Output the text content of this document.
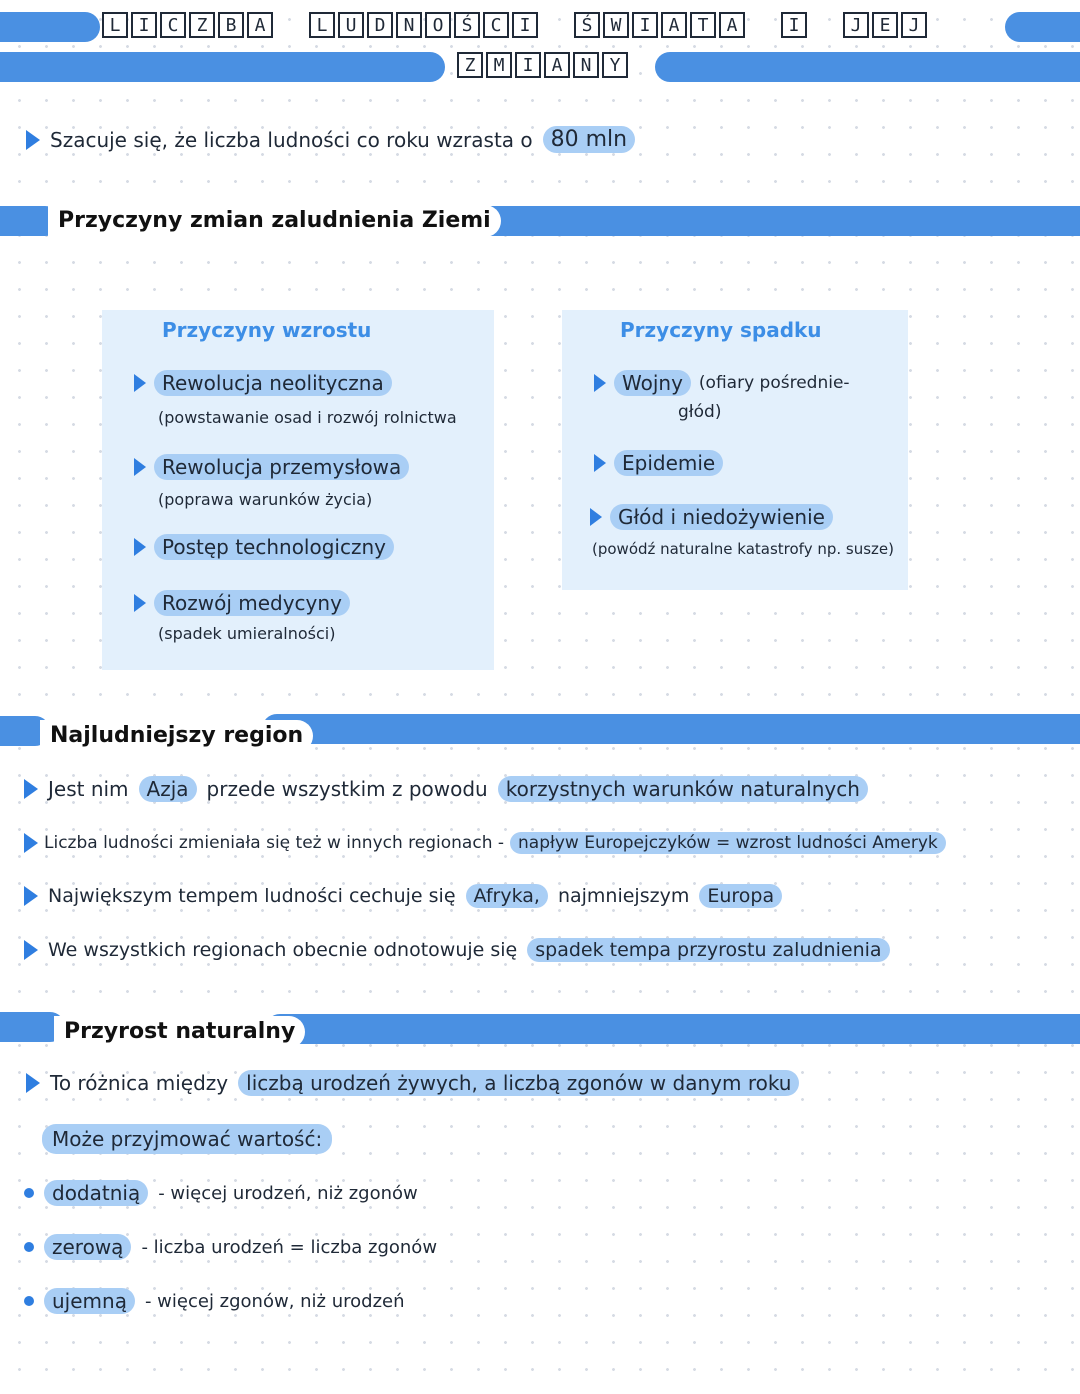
L	I	C	Z	B	A	L	U	D	N	O	Ś	C	I	Ś	W	I	A	T	A	I	J	E	J
Z	M	I	A	N	Y
Szacuje się, że liczba ludności co roku wzrasta o 80 mln
Przyczyny zmian zaludnienia Ziemi
Przyczyny wzrostu
Rewolucja neolityczna
(powstawanie osad i rozwój rolnictwa
Rewolucja przemysłowa
(poprawa warunków życia)
Postęp technologiczny
Rozwój medycyny
(spadek umieralności)
Przyczyny spadku
Wojny (ofiary pośrednie-
głód)
Epidemie
Głód i niedożywienie
(powódź naturalne katastrofy np. susze)
Najludniejszy region
Jest nim Azja przede wszystkim z powodu korzystnych warunków naturalnych
Liczba ludności zmieniała się też w innych regionach - napływ Europejczyków = wzrost ludności Ameryk
Największym tempem ludności cechuje się Afryka, najmniejszym Europa
We wszystkich regionach obecnie odnotowuje się spadek tempa przyrostu zaludnienia
Przyrost naturalny
To różnica między liczbą urodzeń żywych, a liczbą zgonów w danym roku
Może przyjmować wartość:
dodatnią	- więcej urodzeń, niż zgonów
zerową	- liczba urodzeń = liczba zgonów
ujemną	- więcej zgonów, niż urodzeń
